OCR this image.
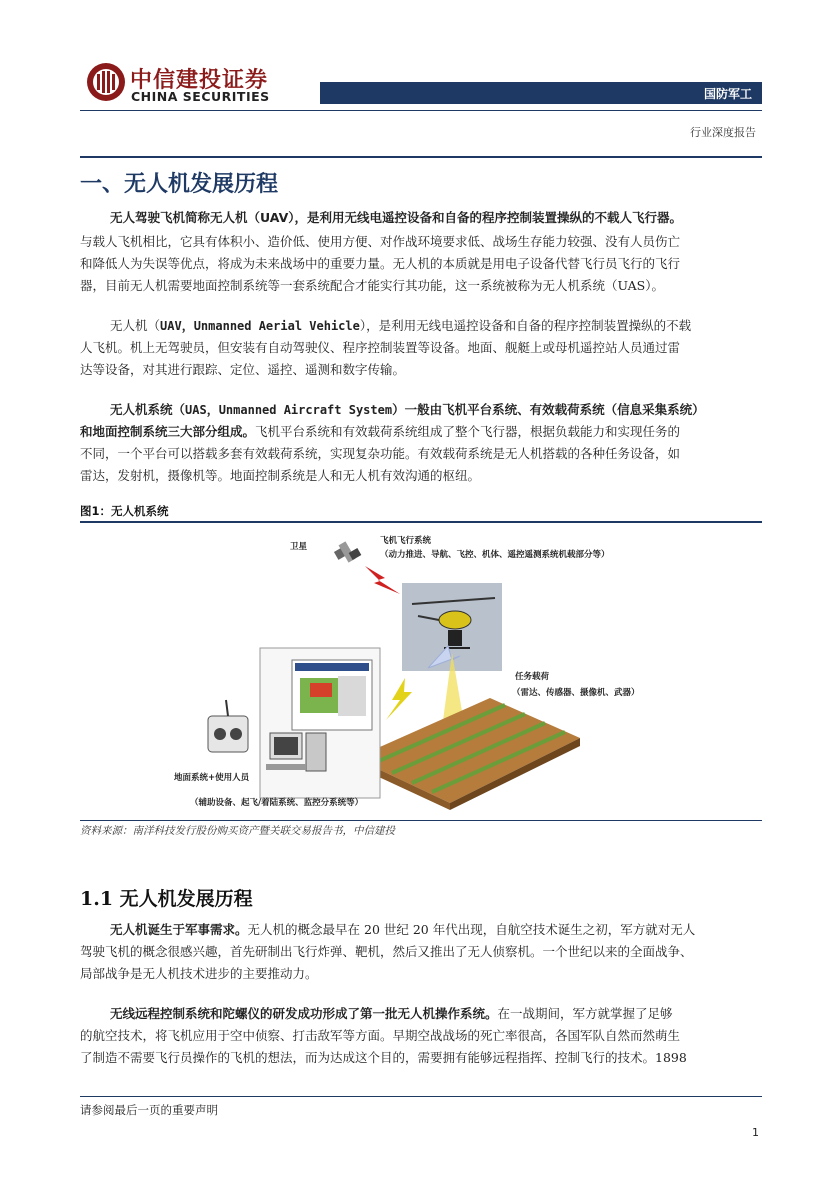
中信建投证券
CHINA SECURITIES	国防军工
行业深度报告
一、无人机发展历程
无人驾驶飞机简称无人机（UAV），是利用无线电遥控设备和自备的程序控制装置操纵的不载人飞行器。
与载人飞机相比，它具有体积小、造价低、使用方便、对作战环境要求低、战场生存能力较强、没有人员伤亡
和降低人为失误等优点，将成为未来战场中的重要力量。无人机的本质就是用电子设备代替飞行员飞行的飞行
器，目前无人机需要地面控制系统等一套系统配合才能实行其功能，这一系统被称为无人机系统（UAS）。
无人机（UAV，Unmanned Aerial Vehicle），是利用无线电遥控设备和自备的程序控制装置操纵的不载
人飞机。机上无驾驶员，但安装有自动驾驶仪、程序控制装置等设备。地面、舰艇上或母机遥控站人员通过雷
达等设备，对其进行跟踪、定位、遥控、遥测和数字传输。
无人机系统（UAS，Unmanned Aircraft System）一般由飞机平台系统、有效载荷系统（信息采集系统）
和地面控制系统三大部分组成。飞机平台系统和有效载荷系统组成了整个飞行器，根据负载能力和实现任务的
不同，一个平台可以搭载多套有效载荷系统，实现复杂功能。有效载荷系统是无人机搭载的各种任务设备，如
雷达，发射机，摄像机等。地面控制系统是人和无人机有效沟通的枢纽。
图1：无人机系统
卫星
飞机飞行系统
（动力推进、导航、飞控、机体、遥控遥测系统机载部分等）
任务载荷
（雷达、传感器、摄像机、武器）
地面系统+使用人员
（辅助设备、起飞/着陆系统、监控分系统等）
资料来源：南洋科技发行股份购买资产暨关联交易报告书，中信建投
1.1 无人机发展历程
无人机诞生于军事需求。无人机的概念最早在 20 世纪 20 年代出现，自航空技术诞生之初，军方就对无人
驾驶飞机的概念很感兴趣，首先研制出飞行炸弹、靶机，然后又推出了无人侦察机。一个世纪以来的全面战争、
局部战争是无人机技术进步的主要推动力。
无线远程控制系统和陀螺仪的研发成功形成了第一批无人机操作系统。在一战期间，军方就掌握了足够
的航空技术，将飞机应用于空中侦察、打击敌军等方面。早期空战战场的死亡率很高，各国军队自然而然萌生
了制造不需要飞行员操作的飞机的想法，而为达成这个目的，需要拥有能够远程指挥、控制飞行的技术。1898
请参阅最后一页的重要声明
1
